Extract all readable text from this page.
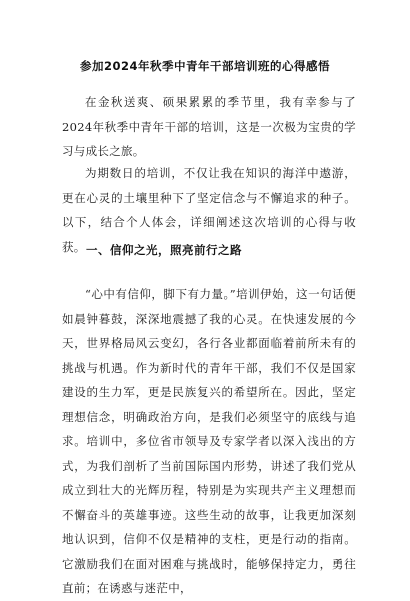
参加2024年秋季中青年干部培训班的心得感悟

在金秋送爽、硕果累累的季节里，我有幸参与了2024年秋季中青年干部的培训，这是一次极为宝贵的学习与成长之旅。

为期数日的培训，不仅让我在知识的海洋中遨游，更在心灵的土壤里种下了坚定信念与不懈追求的种子。以下，结合个人体会，详细阐述这次培训的心得与收获。 一、信仰之光，照亮前行之路

“心中有信仰，脚下有力量。”培训伊始，这一句话便如晨钟暮鼓，深深地震撼了我的心灵。在快速发展的今天，世界格局风云变幻，各行各业都面临着前所未有的挑战与机遇。作为新时代的青年干部，我们不仅是国家建设的生力军，更是民族复兴的希望所在。因此，坚定理想信念，明确政治方向，是我们必须坚守的底线与追求。培训中，多位省市领导及专家学者以深入浅出的方式，为我们剖析了当前国际国内形势，讲述了我们党从成立到壮大的光辉历程，特别是为实现共产主义理想而不懈奋斗的英雄事迹。这些生动的故事，让我更加深刻地认识到，信仰不仅是精神的支柱，更是行动的指南。它激励我们在面对困难与挑战时，能够保持定力，勇往直前；在诱惑与迷茫中，
